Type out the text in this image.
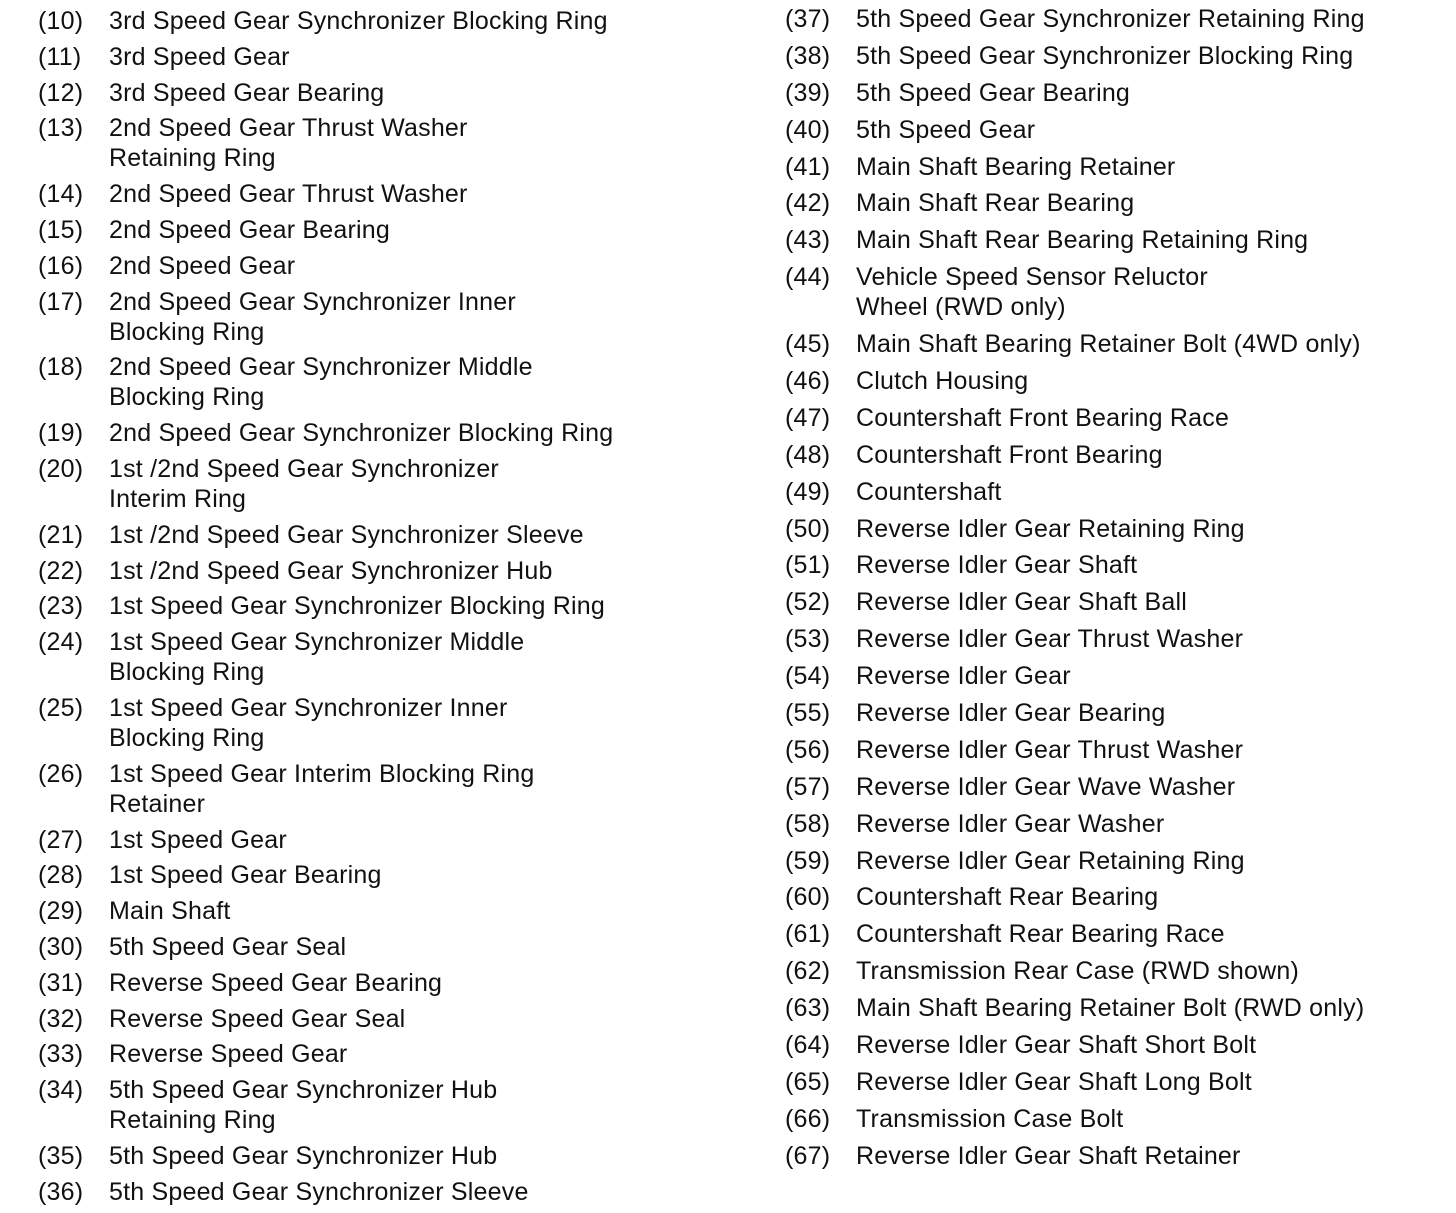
(10)	3rd Speed Gear Synchronizer Blocking Ring
(11)	3rd Speed Gear
(12)	3rd Speed Gear Bearing
(13)	2nd Speed Gear Thrust Washer
Retaining Ring
(14)	2nd Speed Gear Thrust Washer
(15)	2nd Speed Gear Bearing
(16)	2nd Speed Gear
(17)	2nd Speed Gear Synchronizer Inner
Blocking Ring
(18)	2nd Speed Gear Synchronizer Middle
Blocking Ring
(19)	2nd Speed Gear Synchronizer Blocking Ring
(20)	1st /2nd Speed Gear Synchronizer
Interim Ring
(21)	1st /2nd Speed Gear Synchronizer Sleeve
(22)	1st /2nd Speed Gear Synchronizer Hub
(23)	1st Speed Gear Synchronizer Blocking Ring
(24)	1st Speed Gear Synchronizer Middle
Blocking Ring
(25)	1st Speed Gear Synchronizer Inner
Blocking Ring
(26)	1st Speed Gear Interim Blocking Ring
Retainer
(27)	1st Speed Gear
(28)	1st Speed Gear Bearing
(29)	Main Shaft
(30)	5th Speed Gear Seal
(31)	Reverse Speed Gear Bearing
(32)	Reverse Speed Gear Seal
(33)	Reverse Speed Gear
(34)	5th Speed Gear Synchronizer Hub
Retaining Ring
(35)	5th Speed Gear Synchronizer Hub
(36)	5th Speed Gear Synchronizer Sleeve
(37)	5th Speed Gear Synchronizer Retaining Ring
(38)	5th Speed Gear Synchronizer Blocking Ring
(39)	5th Speed Gear Bearing
(40)	5th Speed Gear
(41)	Main Shaft Bearing Retainer
(42)	Main Shaft Rear Bearing
(43)	Main Shaft Rear Bearing Retaining Ring
(44)	Vehicle Speed Sensor Reluctor
Wheel (RWD only)
(45)	Main Shaft Bearing Retainer Bolt (4WD only)
(46)	Clutch Housing
(47)	Countershaft Front Bearing Race
(48)	Countershaft Front Bearing
(49)	Countershaft
(50)	Reverse Idler Gear Retaining Ring
(51)	Reverse Idler Gear Shaft
(52)	Reverse Idler Gear Shaft Ball
(53)	Reverse Idler Gear Thrust Washer
(54)	Reverse Idler Gear
(55)	Reverse Idler Gear Bearing
(56)	Reverse Idler Gear Thrust Washer
(57)	Reverse Idler Gear Wave Washer
(58)	Reverse Idler Gear Washer
(59)	Reverse Idler Gear Retaining Ring
(60)	Countershaft Rear Bearing
(61)	Countershaft Rear Bearing Race
(62)	Transmission Rear Case (RWD shown)
(63)	Main Shaft Bearing Retainer Bolt (RWD only)
(64)	Reverse Idler Gear Shaft Short Bolt
(65)	Reverse Idler Gear Shaft Long Bolt
(66)	Transmission Case Bolt
(67)	Reverse Idler Gear Shaft Retainer
